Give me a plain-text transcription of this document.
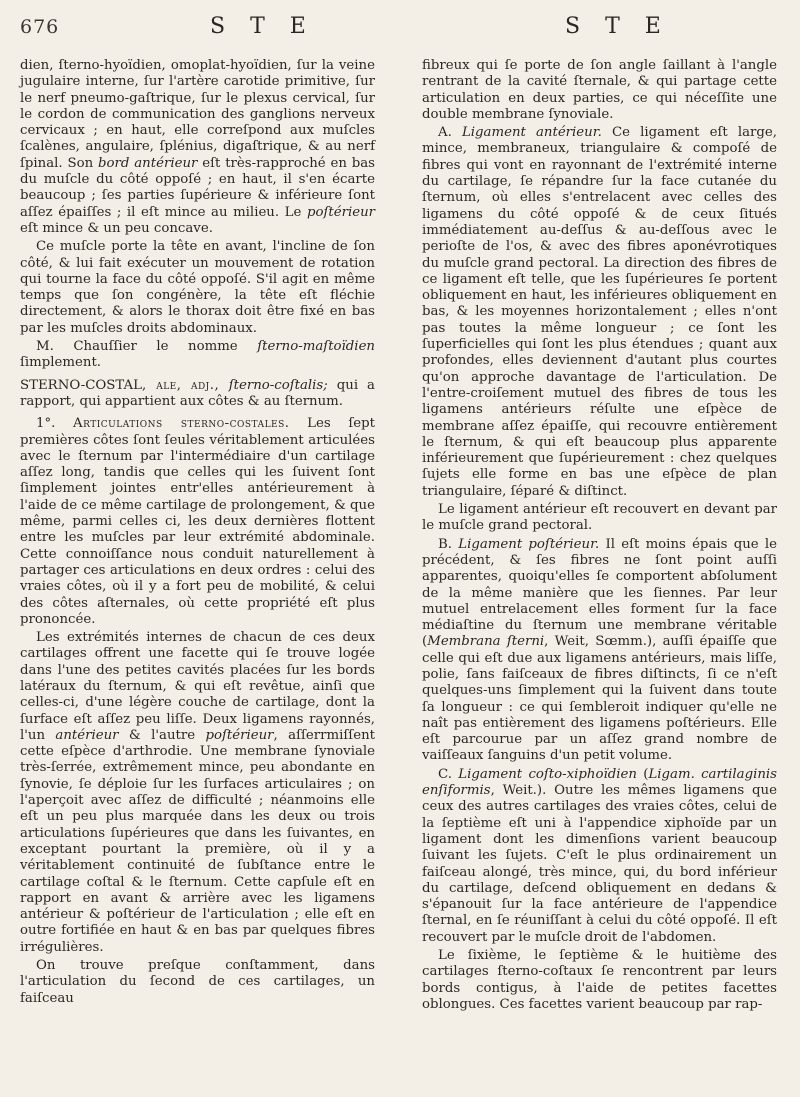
676	S T E	S T E

dien, ſterno-hyoïdien, omoplat-hyoïdien, ſur la veine jugulaire interne, ſur l'artère carotide primitive, ſur le nerf pneumo-gaſtrique, ſur le plexus cervical, ſur le cordon de communication des ganglions nerveux cervicaux ; en haut, elle correſpond aux muſcles ſcalènes, angulaire, ſplénius, digaſtrique, & au nerf ſpinal. Son bord antérieur eſt très-rapproché en bas du muſcle du côté oppoſé ; en haut, il s'en écarte beaucoup ; ſes parties ſupérieure & inférieure ſont aſſez épaiſſes ; il eſt mince au milieu. Le poſtérieur eſt mince & un peu concave.

Ce muſcle porte la tête en avant, l'incline de ſon côté, & lui fait exécuter un mouvement de rotation qui tourne la face du côté oppoſé. S'il agit en même temps que ſon congénère, la tête eſt fléchie directement, & alors le thorax doit être fixé en bas par les muſcles droits abdominaux.

M. Chauſſier le nomme ſterno-maſtoïdien ſimplement.

STERNO-COSTAL, ale, adj., ſterno-coſtalis; qui a rapport, qui appartient aux côtes & au ſternum.

1°. Articulations sterno-costales. Les ſept premières côtes ſont ſeules véritablement articulées avec le ſternum par l'intermédiaire d'un cartilage aſſez long, tandis que celles qui les ſuivent ſont ſimplement jointes entr'elles antérieurement à l'aide de ce même cartilage de prolongement, & que même, parmi celles ci, les deux dernières flottent entre les muſcles par leur extrémité abdominale. Cette connoiſſance nous conduit naturellement à partager ces articulations en deux ordres : celui des vraies côtes, où il y a fort peu de mobilité, & celui des côtes aſternales, où cette propriété eſt plus prononcée.

Les extrémités internes de chacun de ces deux cartilages offrent une facette qui ſe trouve logée dans l'une des petites cavités placées ſur les bords latéraux du ſternum, & qui eſt revêtue, ainſi que celles-ci, d'une légère couche de cartilage, dont la ſurface eſt aſſez peu liſſe. Deux ligamens rayonnés, l'un antérieur & l'autre poſtérieur, aſſerrmiſſent cette eſpèce d'arthrodie. Une membrane ſynoviale très-ſerrée, extrêmement mince, peu abondante en ſynovie, ſe déploie ſur les ſurfaces articulaires ; on l'aperçoit avec aſſez de difficulté ; néanmoins elle eſt un peu plus marquée dans les deux ou trois articulations ſupérieures que dans les ſuivantes, en exceptant pourtant la première, où il y a véritablement continuité de ſubſtance entre le cartilage coſtal & le ſternum. Cette capſule eſt en rapport en avant & arrière avec les ligamens antérieur & poſtérieur de l'articulation ; elle eſt en outre fortifiée en haut & en bas par quelques fibres irrégulières.

On trouve preſque conſtamment, dans l'articulation du ſecond de ces cartilages, un faiſceau

fibreux qui ſe porte de ſon angle ſaillant à l'angle rentrant de la cavité ſternale, & qui partage cette articulation en deux parties, ce qui néceſſite une double membrane ſynoviale.

A. Ligament antérieur. Ce ligament eſt large, mince, membraneux, triangulaire & compoſé de fibres qui vont en rayonnant de l'extrémité interne du cartilage, ſe répandre ſur la face cutanée du ſternum, où elles s'entrelacent avec celles des ligamens du côté oppoſé & de ceux ſitués immédiatement au-deſſus & au-deſſous avec le perioſte de l'os, & avec des fibres aponévrotiques du muſcle grand pectoral. La direction des fibres de ce ligament eſt telle, que les ſupérieures ſe portent obliquement en haut, les inférieures obliquement en bas, & les moyennes horizontalement ; elles n'ont pas toutes la même longueur ; ce ſont les ſuperficielles qui ſont les plus étendues ; quant aux profondes, elles deviennent d'autant plus courtes qu'on approche davantage de l'articulation. De l'entre-croiſement mutuel des fibres de tous les ligamens antérieurs réſulte une eſpèce de membrane aſſez épaiſſe, qui recouvre entièrement le ſternum, & qui eſt beaucoup plus apparente inférieurement que ſupérieurement : chez quelques ſujets elle forme en bas une eſpèce de plan triangulaire, ſéparé & diſtinct.

Le ligament antérieur eſt recouvert en devant par le muſcle grand pectoral.

B. Ligament poſtérieur. Il eſt moins épais que le précédent, & ſes fibres ne ſont point auſſi apparentes, quoiqu'elles ſe comportent abſolument de la même manière que les ſiennes. Par leur mutuel entrelacement elles forment ſur la face médiaſtine du ſternum une membrane véritable (Membrana ſterni, Weit, Sœmm.), auſſi épaiſſe que celle qui eſt due aux ligamens antérieurs, mais liſſe, polie, ſans faiſceaux de fibres diſtincts, ſi ce n'eſt quelques-uns ſimplement qui la ſuivent dans toute ſa longueur : ce qui ſembleroit indiquer qu'elle ne naît pas entièrement des ligamens poſtérieurs. Elle eſt parcourue par un aſſez grand nombre de vaiſſeaux ſanguins d'un petit volume.

C. Ligament coſto-xiphoïdien (Ligam. cartilaginis enſiformis, Weit.). Outre les mêmes ligamens que ceux des autres cartilages des vraies côtes, celui de la ſeptième eſt uni à l'appendice xiphoïde par un ligament dont les dimenſions varient beaucoup ſuivant les ſujets. C'eſt le plus ordinairement un faiſceau alongé, très mince, qui, du bord inférieur du cartilage, deſcend obliquement en dedans & s'épanouit ſur la face antérieure de l'appendice ſternal, en ſe réuniſſant à celui du côté oppoſé. Il eſt recouvert par le muſcle droit de l'abdomen.

Le ſixième, le ſeptième & le huitième des cartilages ſterno-coſtaux ſe rencontrent par leurs bords contigus, à l'aide de petites facettes oblongues. Ces facettes varient beaucoup par rap-
